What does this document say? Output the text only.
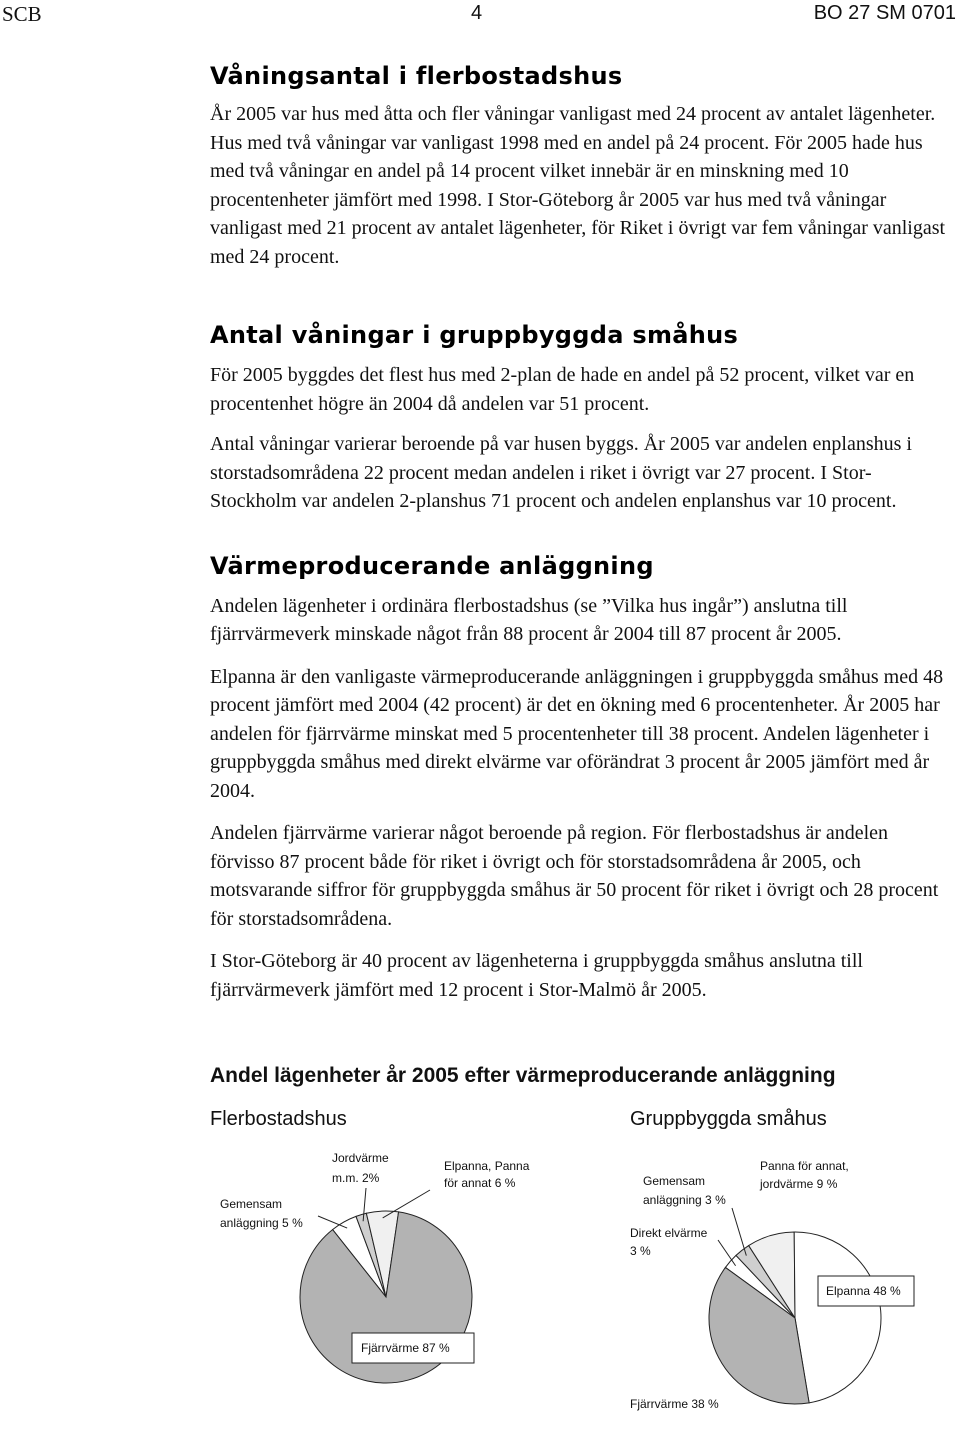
SCB	4	BO 27 SM 0701
Våningsantal i flerbostadshus

År 2005 var hus med åtta och fler våningar vanligast med 24 procent av antalet lägenheter. Hus med två våningar var vanligast 1998 med en andel på 24 procent. För 2005 hade hus med två våningar en andel på 14 procent vilket innebär är en minskning med 10 procentenheter jämfört med 1998. I Stor-Göteborg år 2005 var hus med två våningar vanligast med 21 procent av antalet lägenheter, för Riket i övrigt var fem våningar vanligast med 24 procent.

Antal våningar i gruppbyggda småhus

För 2005 byggdes det flest hus med 2-plan de hade en andel på 52 procent, vilket var en procentenhet högre än 2004 då andelen var 51 procent.

Antal våningar varierar beroende på var husen byggs. År 2005 var andelen enplanshus i storstadsområdena 22 procent medan andelen i riket i övrigt var 27 procent. I Stor-Stockholm var andelen 2-planshus 71 procent och andelen enplanshus var 10 procent.

Värmeproducerande anläggning

Andelen lägenheter i ordinära flerbostadshus (se ”Vilka hus ingår”) anslutna till fjärrvärmeverk minskade något från 88 procent år 2004 till 87 procent år 2005.

Elpanna är den vanligaste värmeproducerande anläggningen i gruppbyggda småhus med 48 procent jämfört med 2004 (42 procent) är det en ökning med 6 procentenheter. År 2005 har andelen för fjärrvärme minskat med 5 procentenheter till 38 procent. Andelen lägenheter i gruppbyggda småhus med direkt elvärme var oförändrat 3 procent år 2005 jämfört med år 2004.

Andelen fjärrvärme varierar något beroende på region. För flerbostadshus är andelen förvisso 87 procent både för riket i övrigt och för storstadsområdena år 2005, och motsvarande siffror för gruppbyggda småhus är 50 procent för riket i övrigt och 28 procent för storstadsområdena.

I Stor-Göteborg är 40 procent av lägenheterna i gruppbyggda småhus anslutna till fjärrvärmeverk jämfört med 12 procent i Stor-Malmö år 2005.

Andel lägenheter år 2005 efter värmeproducerande anläggning
Flerbostadshus	Gruppbyggda småhus
Gemensam anläggning 5 %
Jordvärme m.m. 2%
Elpanna, Panna för annat 6 %
Fjärrvärme 87 %
Direkt elvärme 3 %
Gemensam anläggning 3 %
Panna för annat, jordvärme 9 %
Elpanna 48 %
Fjärrvärme 38 %
